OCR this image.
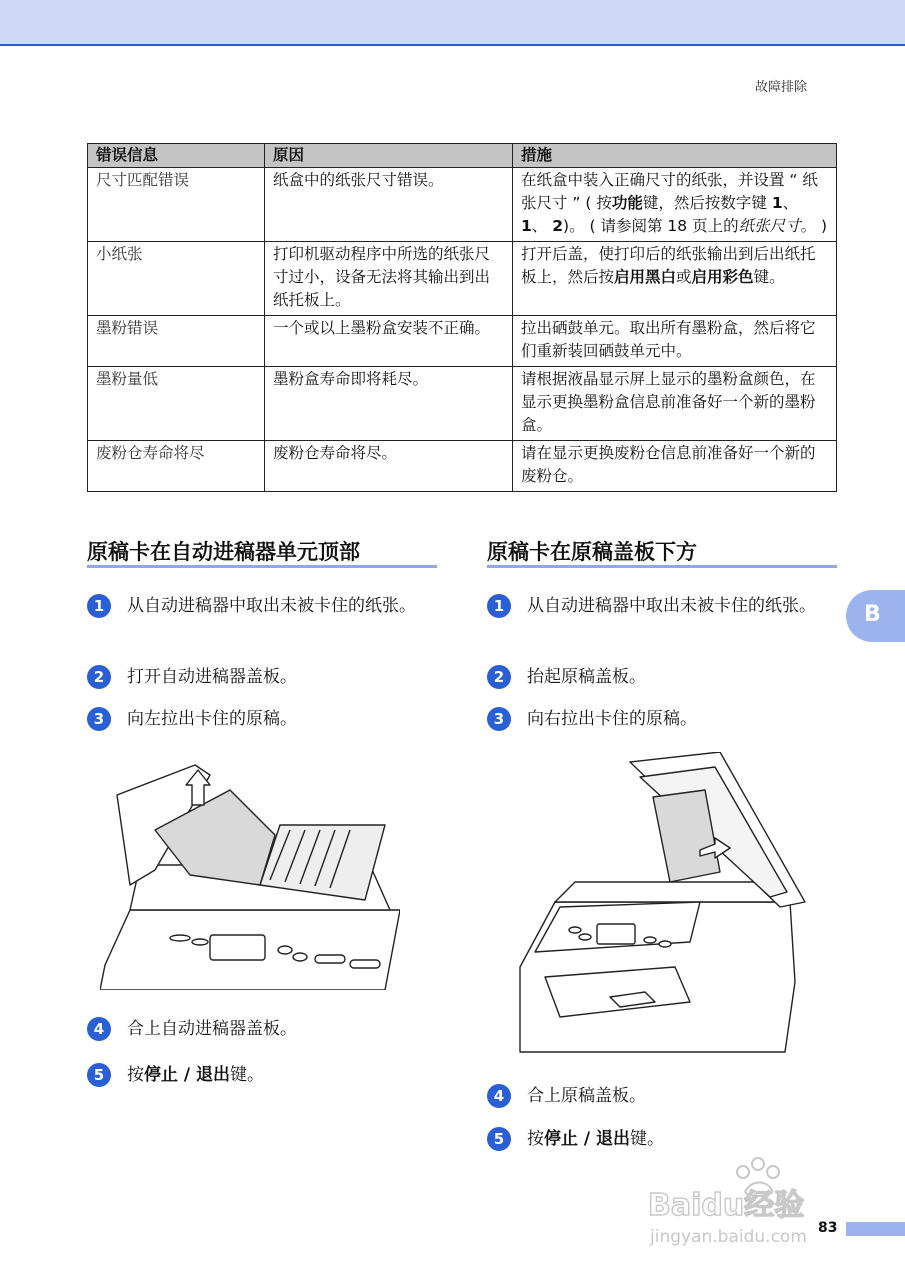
故障排除
错误信息	原因	措施
尺寸匹配错误	纸盒中的纸张尺寸错误。	在纸盒中装入正确尺寸的纸张，并设置 “ 纸张尺寸 ” ( 按功能键，然后按数字键 1、 1、 2)。 ( 请参阅第 18 页上的纸张尺寸。 )
小纸张	打印机驱动程序中所选的纸张尺寸过小，设备无法将其输出到出纸托板上。	打开后盖，使打印后的纸张输出到后出纸托板上，然后按启用黑白或启用彩色键。
墨粉错误	一个或以上墨粉盒安装不正确。	拉出硒鼓单元。取出所有墨粉盒，然后将它们重新装回硒鼓单元中。
墨粉量低	墨粉盒寿命即将耗尽。	请根据液晶显示屏上显示的墨粉盒颜色，在显示更换墨粉盒信息前准备好一个新的墨粉盒。
废粉仓寿命将尽	废粉仓寿命将尽。	请在显示更换废粉仓信息前准备好一个新的废粉仓。
原稿卡在自动进稿器单元顶部
1	从自动进稿器中取出未被卡住的纸张。
2	打开自动进稿器盖板。
3	向左拉出卡住的原稿。
4	合上自动进稿器盖板。
5	按停止 / 退出键。
原稿卡在原稿盖板下方
1	从自动进稿器中取出未被卡住的纸张。
2	抬起原稿盖板。
3	向右拉出卡住的原稿。
4	合上原稿盖板。
5	按停止 / 退出键。
B
Baidu经验
jingyan.baidu.com 83
